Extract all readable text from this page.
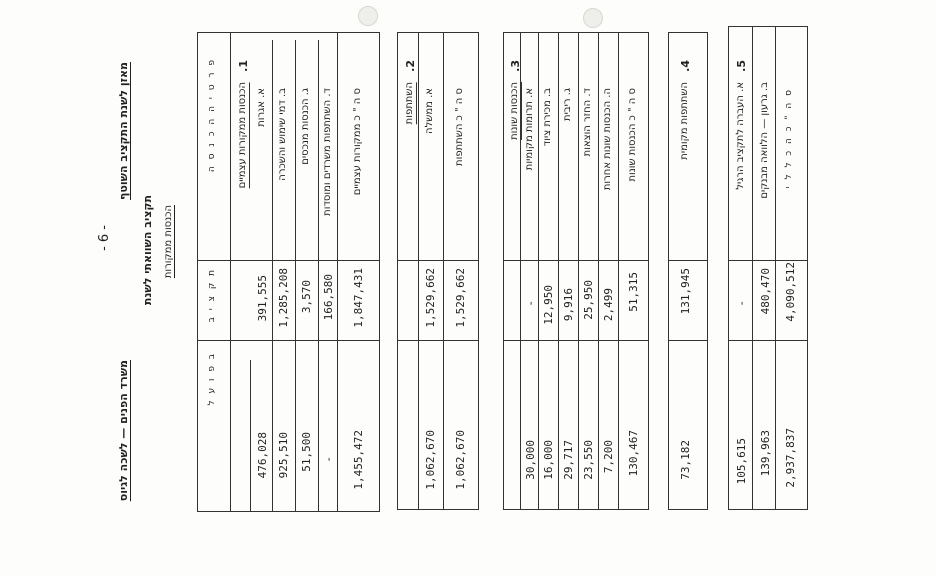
- 6 -
מאזן לשנת התקציב השוטף
משרד הפנים — לשכה לגיוס
תקציב השוואתי לשנת הכנסות ממקורות
פ ר ט י ה ה כ נ ס ה
ת ק צ י ב
ב פ ו ע ל
.1
הכנסות ממקורות עצמיים א. אגרות
391,555
476,028
ב. דמי שימוש והשכרה
1,285,208
925,510
ג. הכנסות מנכסים
3,570
51,500
ד. השתתפות משרדים ומוסדות
166,580
-
ס ה " כ ממקורות עצמיים
1,847,431
1,455,472
.2
השתתפות א. ממשלה
1,529,662
1,062,670
ס ה " כ השתתפות
1,529,662
1,062,670
.3
הכנסות שונות א. תרומות מקומיות
-
30,000
ב. מכירת ציוד
12,950
16,000
ג. ריבית
9,916
29,717
ד. החזר הוצאות
25,950
23,550
ה. הכנסות שונות אחרות
2,499
7,200
ס ה " כ הכנסות שונות
51,315
130,467
.4
השתתפות מקומית
131,945
73,182
.5
א. העברה לתקציב הרגיל
-
105,615
ב. גרעון — הלוואה מבנקים
480,470
139,963
ס ה " כ ה כ ל ל י
4,090,512
2,937,837
